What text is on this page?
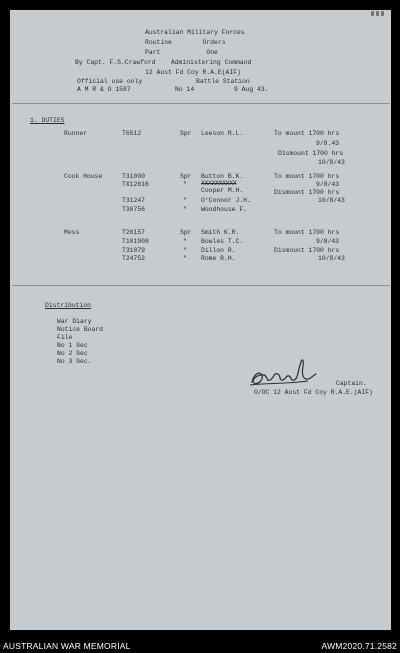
Australian Military Forces
Routine        Orders
Part            One
By Capt. F.S.Crawford    Administering Command
12 Aust Fd Coy R.A.E(AIF)
Official use only	Battle Station
A M R & O 1587	No 14	9 Aug 43.
1. DUTIES
Runner	T6512	Spr Leeson R.L.	To mount 1700 hrs
9/8.43
Dismount 1700 hrs
10/8/43
Cook House	T31000	Spr Button B.K.
TX12616	" XXXXXXXXXX
Cooper M.H.
T31247	" O'Connor J.H.
T30756	" Woodhouse F.
To mount 1700 hrs
9/8/43
Dismount 1700 hrs
10/8/43
Mess	T26157	Spr Smith K.R.
T101908	" Bowles T.C.
T31079	" Dillon R.
T24752	" Rome R.H.
To mount 1700 hrs
9/8/43
Dismount 1700 hrs
10/8/43
Distribution
War Diary
Notice Board
File
No 1 Sec
No 2 Sec
No 3 Sec.
Captain.
O/OC 12 Aust Fd Coy R.A.E.(AIF)
AUSTRALIAN WAR MEMORIAL	AWM2020.71.2582
